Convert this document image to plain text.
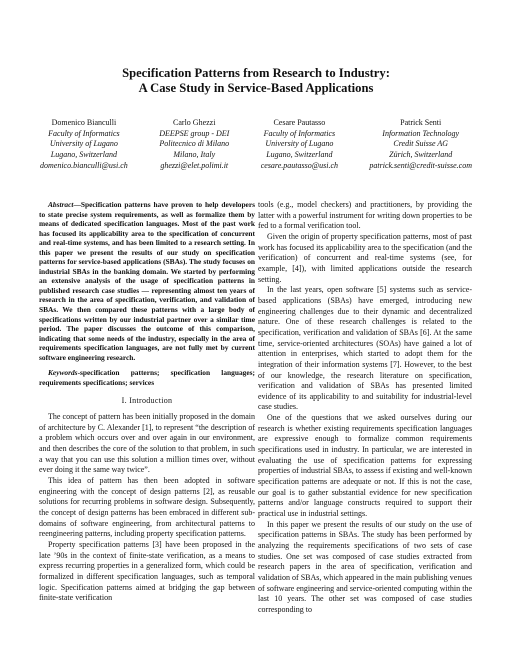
Specification Patterns from Research to Industry:
A Case Study in Service-Based Applications
Domenico Bianculli
Faculty of Informatics
University of Lugano
Lugano, Switzerland
domenico.bianculli@usi.ch
Carlo Ghezzi
DEEPSE group - DEI
Politecnico di Milano
Milano, Italy
ghezzi@elet.polimi.it
Cesare Pautasso
Faculty of Informatics
University of Lugano
Lugano, Switzerland
cesare.pautasso@usi.ch
Patrick Senti
Information Technology
Credit Suisse AG
Zürich, Switzerland
patrick.senti@credit-suisse.com

Abstract—Specification patterns have proven to help developers to state precise system requirements, as well as formalize them by means of dedicated specification languages. Most of the past work has focused its applicability area to the specification of concurrent and real-time systems, and has been limited to a research setting. In this paper we present the results of our study on specification patterns for service-based applications (SBAs). The study focuses on industrial SBAs in the banking domain. We started by performing an extensive analysis of the usage of specification patterns in published research case studies — representing almost ten years of research in the area of specification, verification, and validation of SBAs. We then compared these patterns with a large body of specifications written by our industrial partner over a similar time period. The paper discusses the outcome of this comparison, indicating that some needs of the industry, especially in the area of requirements specification languages, are not fully met by current software engineering research.

Keywords-specification patterns; specification languages; requirements specifications; services

I. Introduction

The concept of pattern has been initially proposed in the domain of architecture by C. Alexander [1], to represent “the description of a problem which occurs over and over again in our environment, and then describes the core of the solution to that problem, in such a way that you can use this solution a million times over, without ever doing it the same way twice”.

This idea of pattern has then been adopted in software engineering with the concept of design patterns [2], as reusable solutions for recurring problems in software design. Subsequently, the concept of design patterns has been embraced in different sub-domains of software engineering, from architectural patterns to reengineering patterns, including property specification patterns.

Property specification patterns [3] have been proposed in the late ’90s in the context of finite-state verification, as a means to express recurring properties in a generalized form, which could be formalized in different specification languages, such as temporal logic. Specification patterns aimed at bridging the gap between finite-state verification

tools (e.g., model checkers) and practitioners, by providing the latter with a powerful instrument for writing down properties to be fed to a formal verification tool.

Given the origin of property specification patterns, most of past work has focused its applicability area to the specification (and the verification) of concurrent and real-time systems (see, for example, [4]), with limited applications outside the research setting.

In the last years, open software [5] systems such as service-based applications (SBAs) have emerged, introducing new engineering challenges due to their dynamic and decentralized nature. One of these research challenges is related to the specification, verification and validation of SBAs [6]. At the same time, service-oriented architectures (SOAs) have gained a lot of attention in enterprises, which started to adopt them for the integration of their information systems [7]. However, to the best of our knowledge, the research literature on specification, verification and validation of SBAs has presented limited evidence of its applicability to and suitability for industrial-level case studies.

One of the questions that we asked ourselves during our research is whether existing requirements specification languages are expressive enough to formalize common requirements specifications used in industry. In particular, we are interested in evaluating the use of specification patterns for expressing properties of industrial SBAs, to assess if existing and well-known specification patterns are adequate or not. If this is not the case, our goal is to gather substantial evidence for new specification patterns and/or language constructs required to support their practical use in industrial settings.

In this paper we present the results of our study on the use of specification patterns in SBAs. The study has been performed by analyzing the requirements specifications of two sets of case studies. One set was composed of case studies extracted from research papers in the area of specification, verification and validation of SBAs, which appeared in the main publishing venues of software engineering and service-oriented computing within the last 10 years. The other set was composed of case studies corresponding to
